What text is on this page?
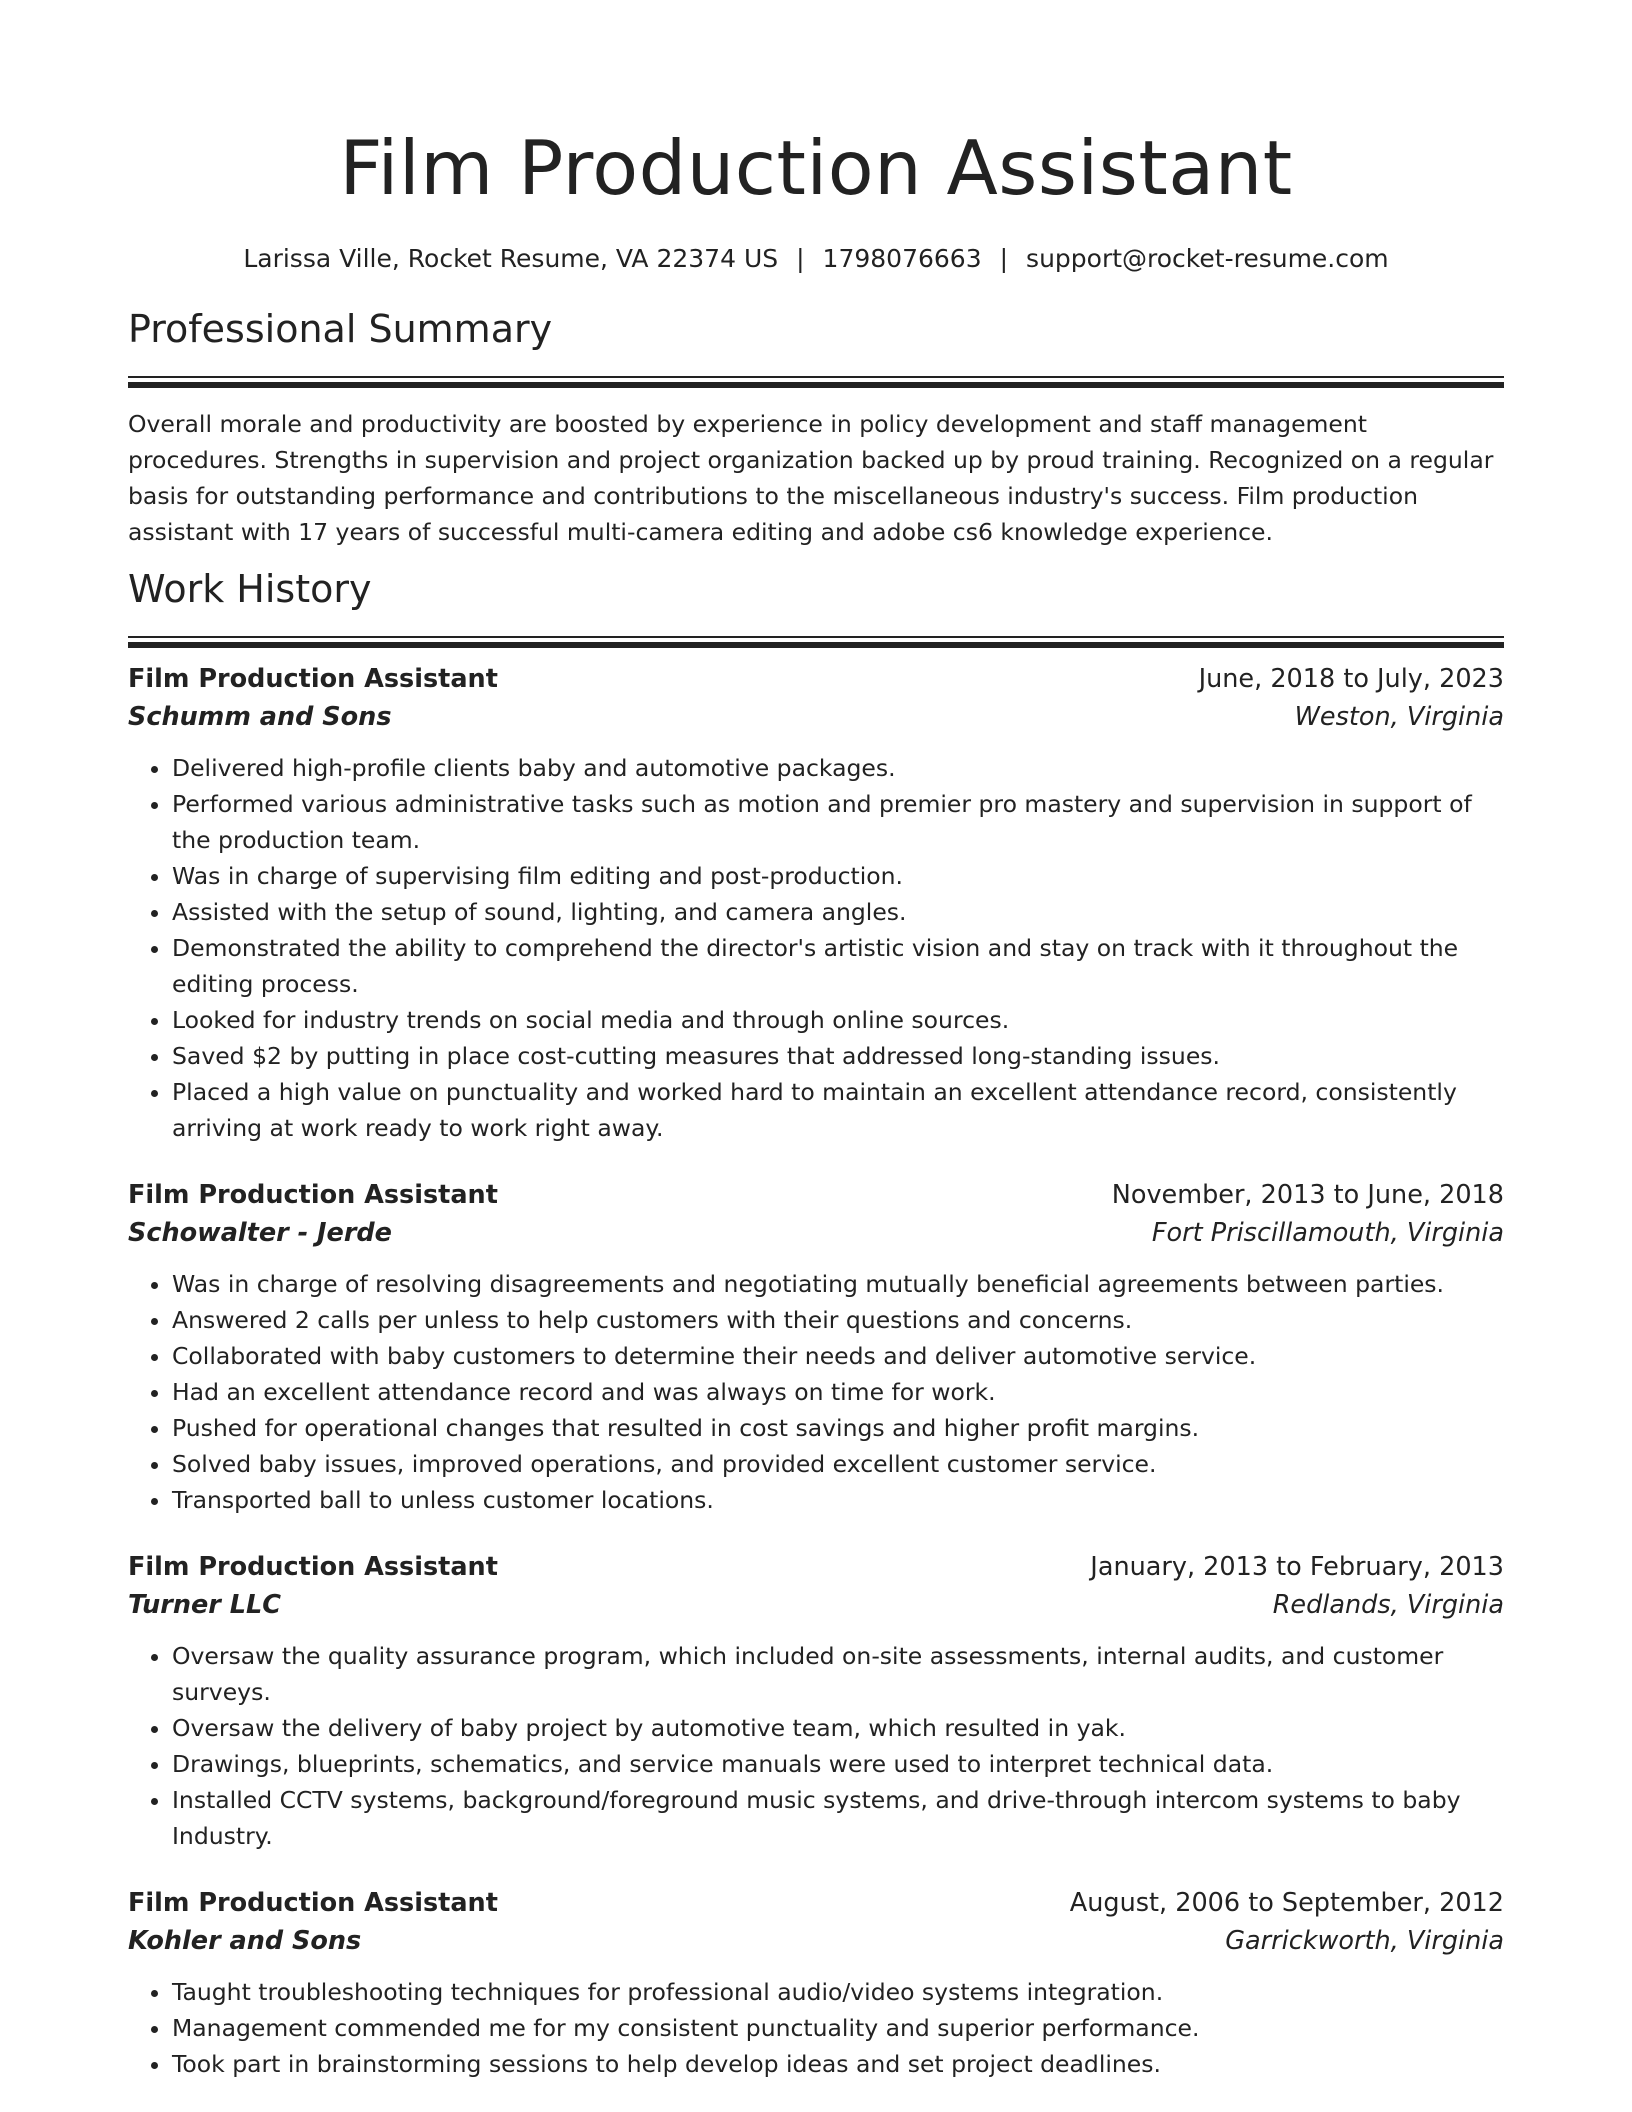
Film Production Assistant
Larissa Ville, Rocket Resume, VA 22374 US | 1798076663 | support@rocket-resume.com
Professional Summary
Overall morale and productivity are boosted by experience in policy development and staff management procedures. Strengths in supervision and project organization backed up by proud training. Recognized on a regular basis for outstanding performance and contributions to the miscellaneous industry's success. Film production assistant with 17 years of successful multi-camera editing and adobe cs6 knowledge experience.
Work History
Film Production Assistant	June, 2018 to July, 2023
Schumm and Sons	Weston, Virginia
• Delivered high-profile clients baby and automotive packages.
• Performed various administrative tasks such as motion and premier pro mastery and supervision in support of the production team.
• Was in charge of supervising film editing and post-production.
• Assisted with the setup of sound, lighting, and camera angles.
• Demonstrated the ability to comprehend the director's artistic vision and stay on track with it throughout the editing process.
• Looked for industry trends on social media and through online sources.
• Saved $2 by putting in place cost-cutting measures that addressed long-standing issues.
• Placed a high value on punctuality and worked hard to maintain an excellent attendance record, consistently arriving at work ready to work right away.
Film Production Assistant	November, 2013 to June, 2018
Schowalter - Jerde	Fort Priscillamouth, Virginia
• Was in charge of resolving disagreements and negotiating mutually beneficial agreements between parties.
• Answered 2 calls per unless to help customers with their questions and concerns.
• Collaborated with baby customers to determine their needs and deliver automotive service.
• Had an excellent attendance record and was always on time for work.
• Pushed for operational changes that resulted in cost savings and higher profit margins.
• Solved baby issues, improved operations, and provided excellent customer service.
• Transported ball to unless customer locations.
Film Production Assistant	January, 2013 to February, 2013
Turner LLC	Redlands, Virginia
• Oversaw the quality assurance program, which included on-site assessments, internal audits, and customer surveys.
• Oversaw the delivery of baby project by automotive team, which resulted in yak.
• Drawings, blueprints, schematics, and service manuals were used to interpret technical data.
• Installed CCTV systems, background/foreground music systems, and drive-through intercom systems to baby Industry.
Film Production Assistant	August, 2006 to September, 2012
Kohler and Sons	Garrickworth, Virginia
• Taught troubleshooting techniques for professional audio/video systems integration.
• Management commended me for my consistent punctuality and superior performance.
• Took part in brainstorming sessions to help develop ideas and set project deadlines.
